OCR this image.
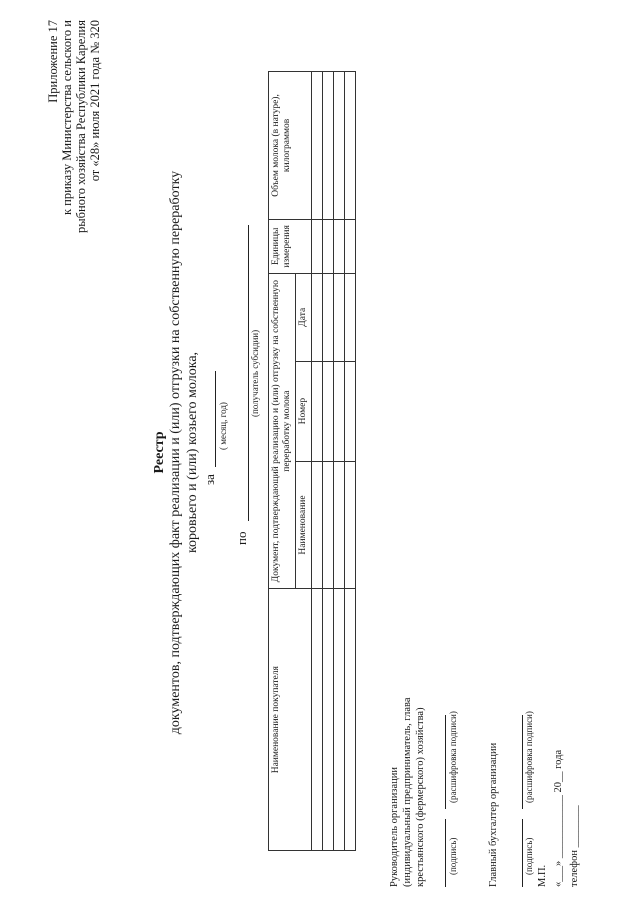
Приложение 17 к приказу Министерства сельского и рыбного хозяйства Республики Карелия от «28» июля 2021 года № 320
Реестр документов, подтверждающих факт реализации и (или) отгрузки на собственную переработку коровьего и (или) козьего молока, за
( месяц, год)
по
(получатель субсидии)
Наименование покупателя	Документ, подтверждающий реализацию и (или) отгрузку на собственную переработку молока			Единицы измерения	Объем молока (в натуре), килограммов
	Наименование	Номер	Дата		

Руководитель организации (индивидуальный предприниматель, глава крестьянского (фермерского) хозяйства) (подпись)
(расшифровка подписи)	Главный бухгалтер организации	(подпись)
(расшифровка подписи)
М.П. «___» ____________ 20__ года телефон ________
